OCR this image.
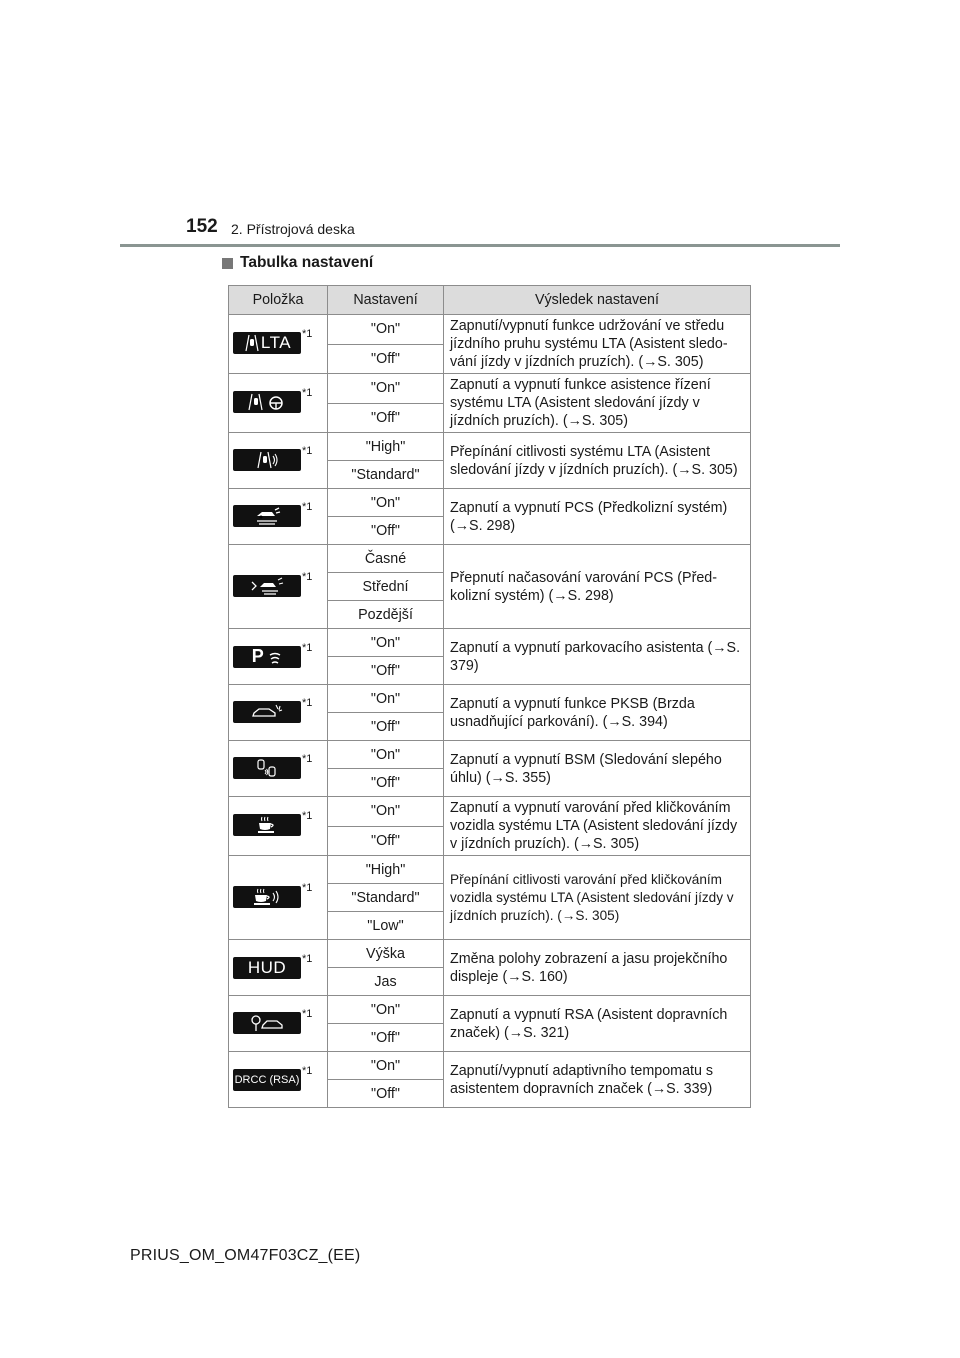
152 2. Přístrojová deska
Tabulka nastavení
Položka	Nastavení	Výsledek nastavení

LTA *1	"On"	Zapnutí/vypnutí funkce udržování ve středu jízdního pruhu systému LTA (Asistent sledo-vání jízdy v jízdních pruzích). (→S. 305)
	"Off"	

*1	"On"	Zapnutí a vypnutí funkce asistence řízení systému LTA (Asistent sledování jízdy v jízdních pruzích). (→S. 305)
	"Off"	

*1	"High"	Přepínání citlivosti systému LTA (Asistent sledování jízdy v jízdních pruzích). (→S. 305)
	"Standard"	

*1	"On"	Zapnutí a vypnutí PCS (Předkolizní systém) (→S. 298)
	"Off"	

*1	Časné	Přepnutí načasování varování PCS (Před-kolizní systém) (→S. 298)
	Střední	
	Pozdější	

P *1	"On"	Zapnutí a vypnutí parkovacího asistenta (→S. 379)
	"Off"	

*1	"On"	Zapnutí a vypnutí funkce PKSB (Brzda usnadňující parkování). (→S. 394)
	"Off"	

*1	"On"	Zapnutí a vypnutí BSM (Sledování slepého úhlu) (→S. 355)
	"Off"	

*1	"On"	Zapnutí a vypnutí varování před kličkováním vozidla systému LTA (Asistent sledování jízdy v jízdních pruzích). (→S. 305)
	"Off"	

*1	"High"	Přepínání citlivosti varování před kličkováním vozidla systému LTA (Asistent sledování jízdy v jízdních pruzích). (→S. 305)
	"Standard"	
	"Low"	

HUD *1	Výška	Změna polohy zobrazení a jasu projekčního displeje (→S. 160)
	Jas	

*1	"On"	Zapnutí a vypnutí RSA (Asistent dopravních značek) (→S. 321)
	"Off"	

DRCC (RSA)
*1	"On"	Zapnutí/vypnutí adaptivního tempomatu s asistentem dopravních značek (→S. 339)
	"Off"	
PRIUS_OM_OM47F03CZ_(EE)
